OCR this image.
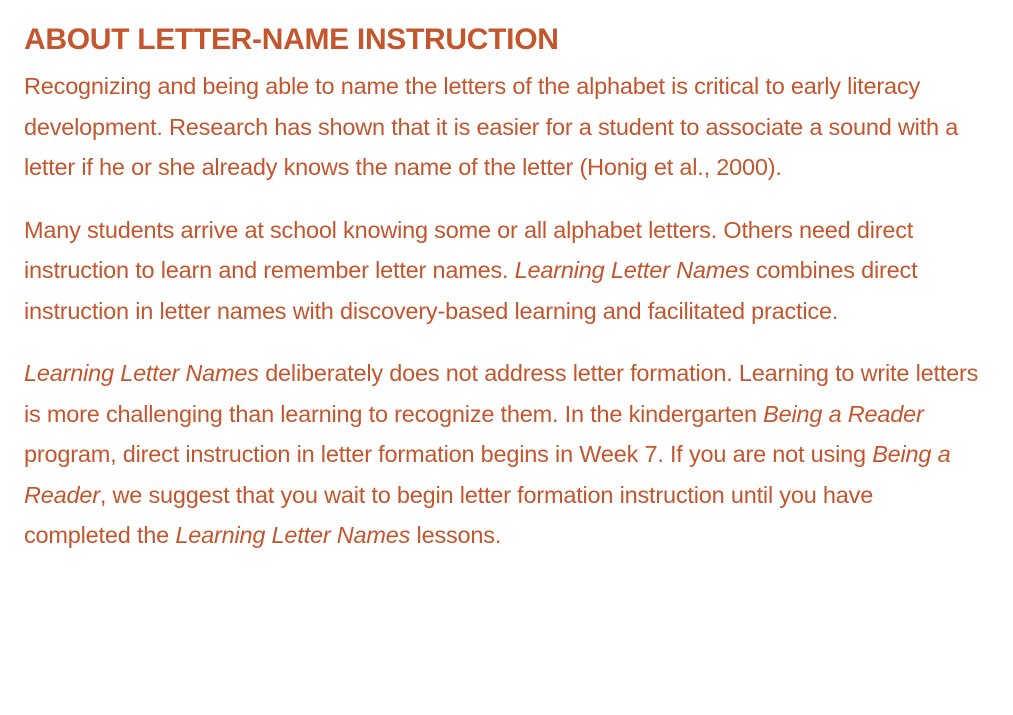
ABOUT LETTER-NAME INSTRUCTION

Recognizing and being able to name the letters of the alphabet is critical to early literacy development. Research has shown that it is easier for a student to associate a sound with a letter if he or she already knows the name of the letter (Honig et al., 2000).

Many students arrive at school knowing some or all alphabet letters. Others need direct instruction to learn and remember letter names. Learning Letter Names combines direct instruction in letter names with discovery-based learning and facilitated practice.

Learning Letter Names deliberately does not address letter formation. Learning to write letters is more challenging than learning to recognize them. In the kindergarten Being a Reader program, direct instruction in letter formation begins in Week 7. If you are not using Being a Reader, we suggest that you wait to begin letter formation instruction until you have completed the Learning Letter Names lessons.
